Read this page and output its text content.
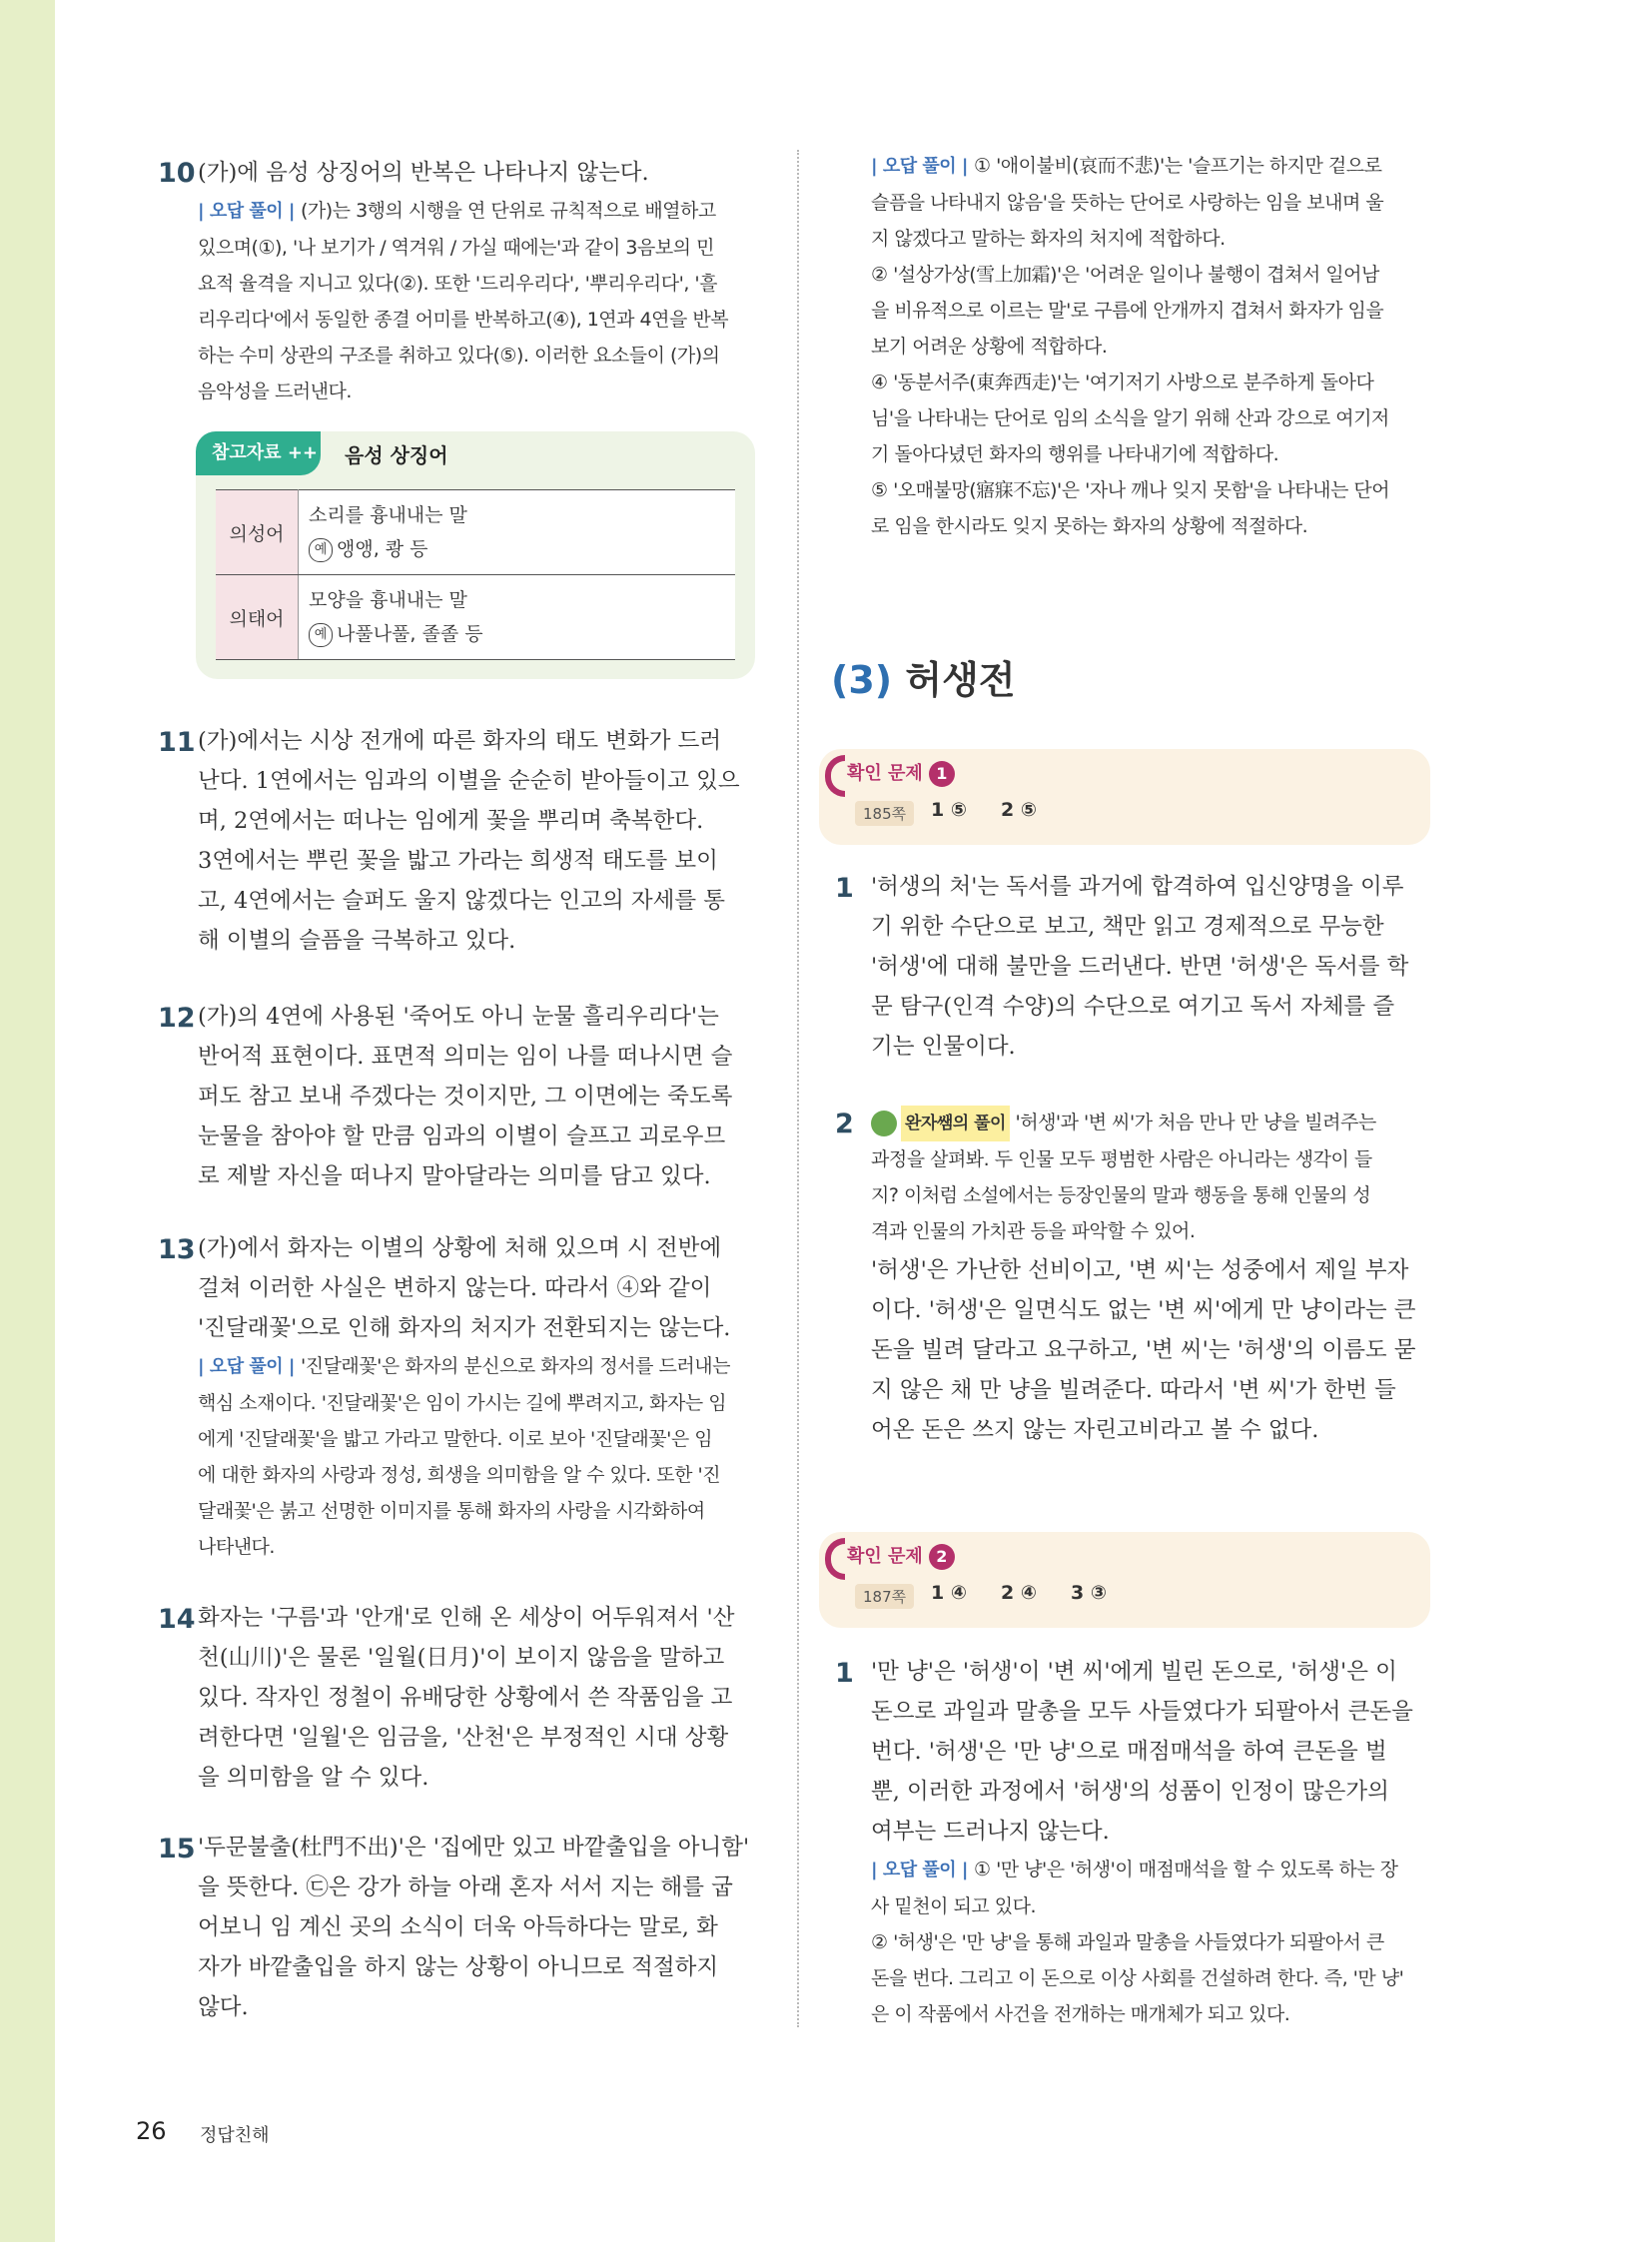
10 (가)에 음성 상징어의 반복은 나타나지 않는다.
| 오답 풀이 | (가)는 3행의 시행을 연 단위로 규칙적으로 배열하고
있으며(①), '나 보기가 / 역겨워 / 가실 때에는'과 같이 3음보의 민
요적 율격을 지니고 있다(②). 또한 '드리우리다', '뿌리우리다', '흘
리우리다'에서 동일한 종결 어미를 반복하고(④), 1연과 4연을 반복
하는 수미 상관의 구조를 취하고 있다(⑤). 이러한 요소들이 (가)의
음악성을 드러낸다.
참고자료 ++ 음성 상징어
의성어	소리를 흉내내는 말
예 앵앵, 쾅 등

의태어	모양을 흉내내는 말
예 나풀나풀, 졸졸 등
11 (가)에서는 시상 전개에 따른 화자의 태도 변화가 드러
난다. 1연에서는 임과의 이별을 순순히 받아들이고 있으
며, 2연에서는 떠나는 임에게 꽃을 뿌리며 축복한다.
3연에서는 뿌린 꽃을 밟고 가라는 희생적 태도를 보이
고, 4연에서는 슬퍼도 울지 않겠다는 인고의 자세를 통
해 이별의 슬픔을 극복하고 있다.
12 (가)의 4연에 사용된 '죽어도 아니 눈물 흘리우리다'는
반어적 표현이다. 표면적 의미는 임이 나를 떠나시면 슬
퍼도 참고 보내 주겠다는 것이지만, 그 이면에는 죽도록
눈물을 참아야 할 만큼 임과의 이별이 슬프고 괴로우므
로 제발 자신을 떠나지 말아달라는 의미를 담고 있다.
13 (가)에서 화자는 이별의 상황에 처해 있으며 시 전반에
걸쳐 이러한 사실은 변하지 않는다. 따라서 ④와 같이
'진달래꽃'으로 인해 화자의 처지가 전환되지는 않는다.
| 오답 풀이 | '진달래꽃'은 화자의 분신으로 화자의 정서를 드러내는
핵심 소재이다. '진달래꽃'은 임이 가시는 길에 뿌려지고, 화자는 임
에게 '진달래꽃'을 밟고 가라고 말한다. 이로 보아 '진달래꽃'은 임
에 대한 화자의 사랑과 정성, 희생을 의미함을 알 수 있다. 또한 '진
달래꽃'은 붉고 선명한 이미지를 통해 화자의 사랑을 시각화하여
나타낸다.
14 화자는 '구름'과 '안개'로 인해 온 세상이 어두워져서 '산
천(山川)'은 물론 '일월(日月)'이 보이지 않음을 말하고
있다. 작자인 정철이 유배당한 상황에서 쓴 작품임을 고
려한다면 '일월'은 임금을, '산천'은 부정적인 시대 상황
을 의미함을 알 수 있다.
15 '두문불출(杜門不出)'은 '집에만 있고 바깥출입을 아니함'
을 뜻한다. ㉢은 강가 하늘 아래 혼자 서서 지는 해를 굽
어보니 임 계신 곳의 소식이 더욱 아득하다는 말로, 화
자가 바깥출입을 하지 않는 상황이 아니므로 적절하지
않다.
| 오답 풀이 | ① '애이불비(哀而不悲)'는 '슬프기는 하지만 겉으로
슬픔을 나타내지 않음'을 뜻하는 단어로 사랑하는 임을 보내며 울
지 않겠다고 말하는 화자의 처지에 적합하다.
② '설상가상(雪上加霜)'은 '어려운 일이나 불행이 겹쳐서 일어남
을 비유적으로 이르는 말'로 구름에 안개까지 겹쳐서 화자가 임을
보기 어려운 상황에 적합하다.
④ '동분서주(東奔西走)'는 '여기저기 사방으로 분주하게 돌아다
님'을 나타내는 단어로 임의 소식을 알기 위해 산과 강으로 여기저
기 돌아다녔던 화자의 행위를 나타내기에 적합하다.
⑤ '오매불망(寤寐不忘)'은 '자나 깨나 잊지 못함'을 나타내는 단어
로 임을 한시라도 잊지 못하는 화자의 상황에 적절하다.
(3) 허생전
확인 문제 1
185쪽	1 ⑤ 2 ⑤
1 '허생의 처'는 독서를 과거에 합격하여 입신양명을 이루
기 위한 수단으로 보고, 책만 읽고 경제적으로 무능한
'허생'에 대해 불만을 드러낸다. 반면 '허생'은 독서를 학
문 탐구(인격 수양)의 수단으로 여기고 독서 자체를 즐
기는 인물이다.
2	완자쌤의 풀이 '허생'과 '변 씨'가 처음 만나 만 냥을 빌려주는
과정을 살펴봐. 두 인물 모두 평범한 사람은 아니라는 생각이 들
지? 이처럼 소설에서는 등장인물의 말과 행동을 통해 인물의 성
격과 인물의 가치관 등을 파악할 수 있어.
'허생'은 가난한 선비이고, '변 씨'는 성중에서 제일 부자
이다. '허생'은 일면식도 없는 '변 씨'에게 만 냥이라는 큰
돈을 빌려 달라고 요구하고, '변 씨'는 '허생'의 이름도 묻
지 않은 채 만 냥을 빌려준다. 따라서 '변 씨'가 한번 들
어온 돈은 쓰지 않는 자린고비라고 볼 수 없다.
확인 문제 2
187쪽	1 ④ 2 ④ 3 ③
1 '만 냥'은 '허생'이 '변 씨'에게 빌린 돈으로, '허생'은 이
돈으로 과일과 말총을 모두 사들였다가 되팔아서 큰돈을
번다. '허생'은 '만 냥'으로 매점매석을 하여 큰돈을 벌
뿐, 이러한 과정에서 '허생'의 성품이 인정이 많은가의
여부는 드러나지 않는다.
| 오답 풀이 | ① '만 냥'은 '허생'이 매점매석을 할 수 있도록 하는 장
사 밑천이 되고 있다.
② '허생'은 '만 냥'을 통해 과일과 말총을 사들였다가 되팔아서 큰
돈을 번다. 그리고 이 돈으로 이상 사회를 건설하려 한다. 즉, '만 냥'
은 이 작품에서 사건을 전개하는 매개체가 되고 있다.
26 정답친해
